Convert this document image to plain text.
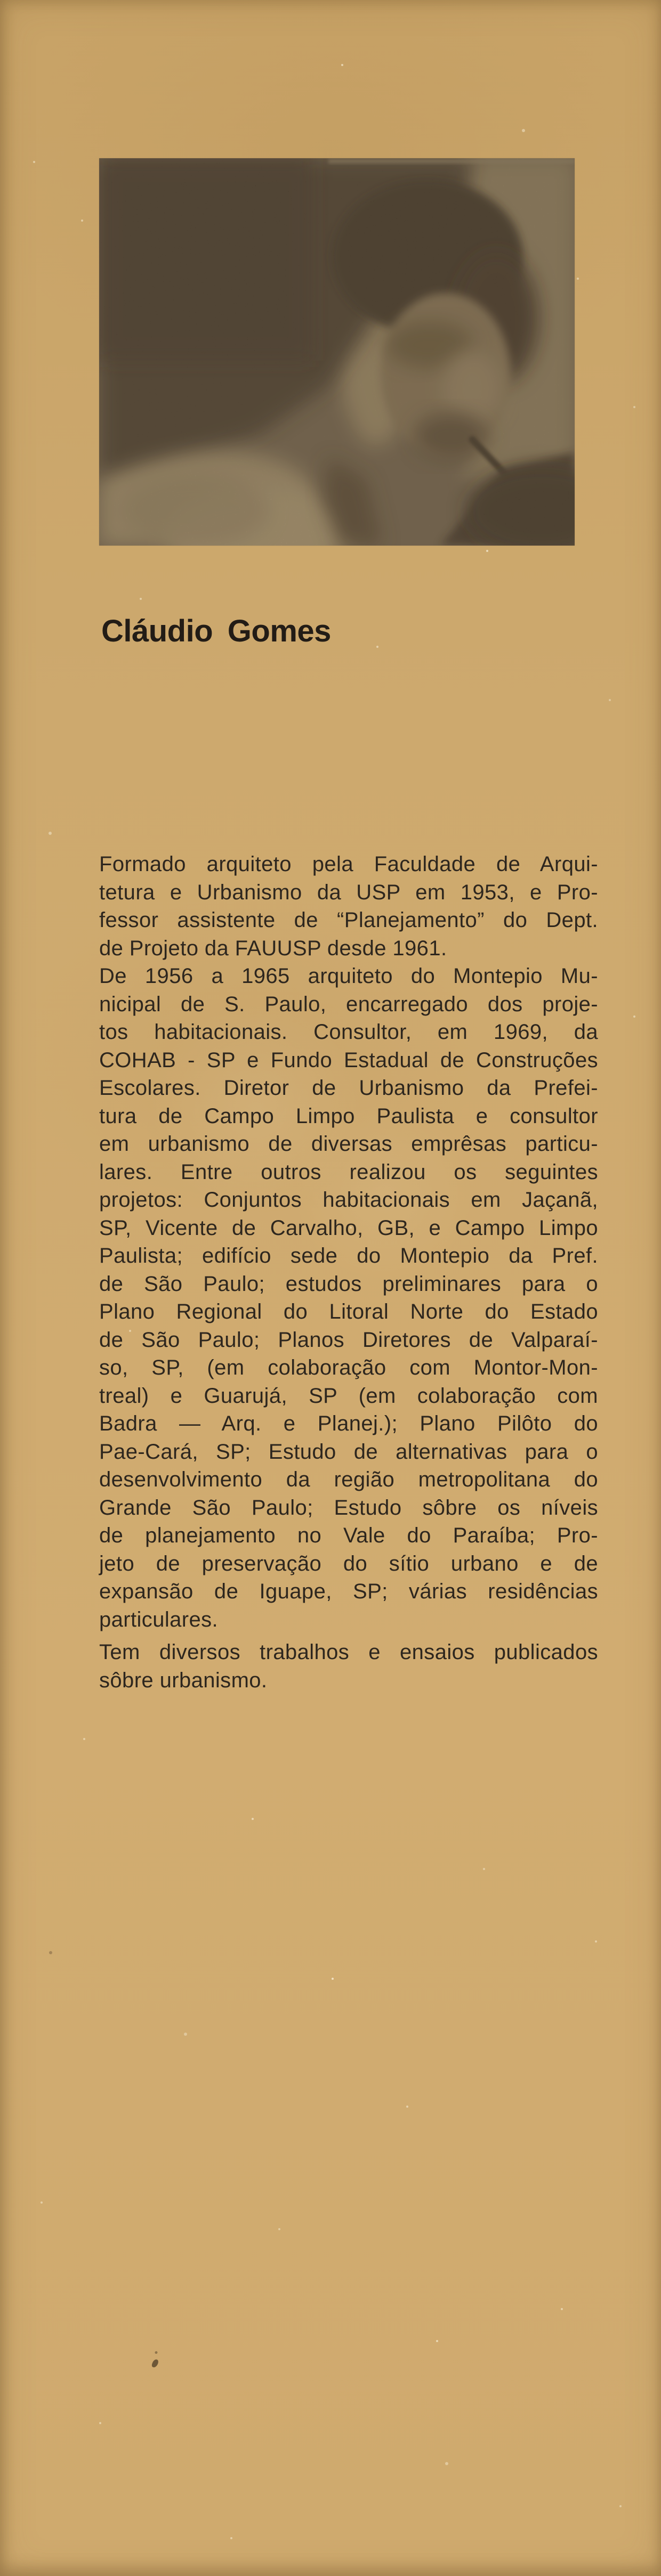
Cláudio Gomes

Formado arquiteto pela Faculdade de Arqui-

tetura e Urbanismo da USP em 1953, e Pro-

fessor assistente de “Planejamento” do Dept.

de Projeto da FAUUSP desde 1961.

De 1956 a 1965 arquiteto do Montepio Mu-

nicipal de S. Paulo, encarregado dos proje-

tos habitacionais. Consultor, em 1969, da

COHAB - SP e Fundo Estadual de Construções

Escolares. Diretor de Urbanismo da Prefei-

tura de Campo Limpo Paulista e consultor

em urbanismo de diversas emprêsas particu-

lares. Entre outros realizou os seguintes

projetos: Conjuntos habitacionais em Jaçanã,

SP, Vicente de Carvalho, GB, e Campo Limpo

Paulista; edifício sede do Montepio da Pref.

de São Paulo; estudos preliminares para o

Plano Regional do Litoral Norte do Estado

de São Paulo; Planos Diretores de Valparaí-

so, SP, (em colaboração com Montor-Mon-

treal) e Guarujá, SP (em colaboração com

Badra — Arq. e Planej.); Plano Pilôto do

Pae-Cará, SP; Estudo de alternativas para o

desenvolvimento da região metropolitana do

Grande São Paulo; Estudo sôbre os níveis

de planejamento no Vale do Paraíba; Pro-

jeto de preservação do sítio urbano e de

expansão de Iguape, SP; várias residências

particulares.

Tem diversos trabalhos e ensaios publicados

sôbre urbanismo.
